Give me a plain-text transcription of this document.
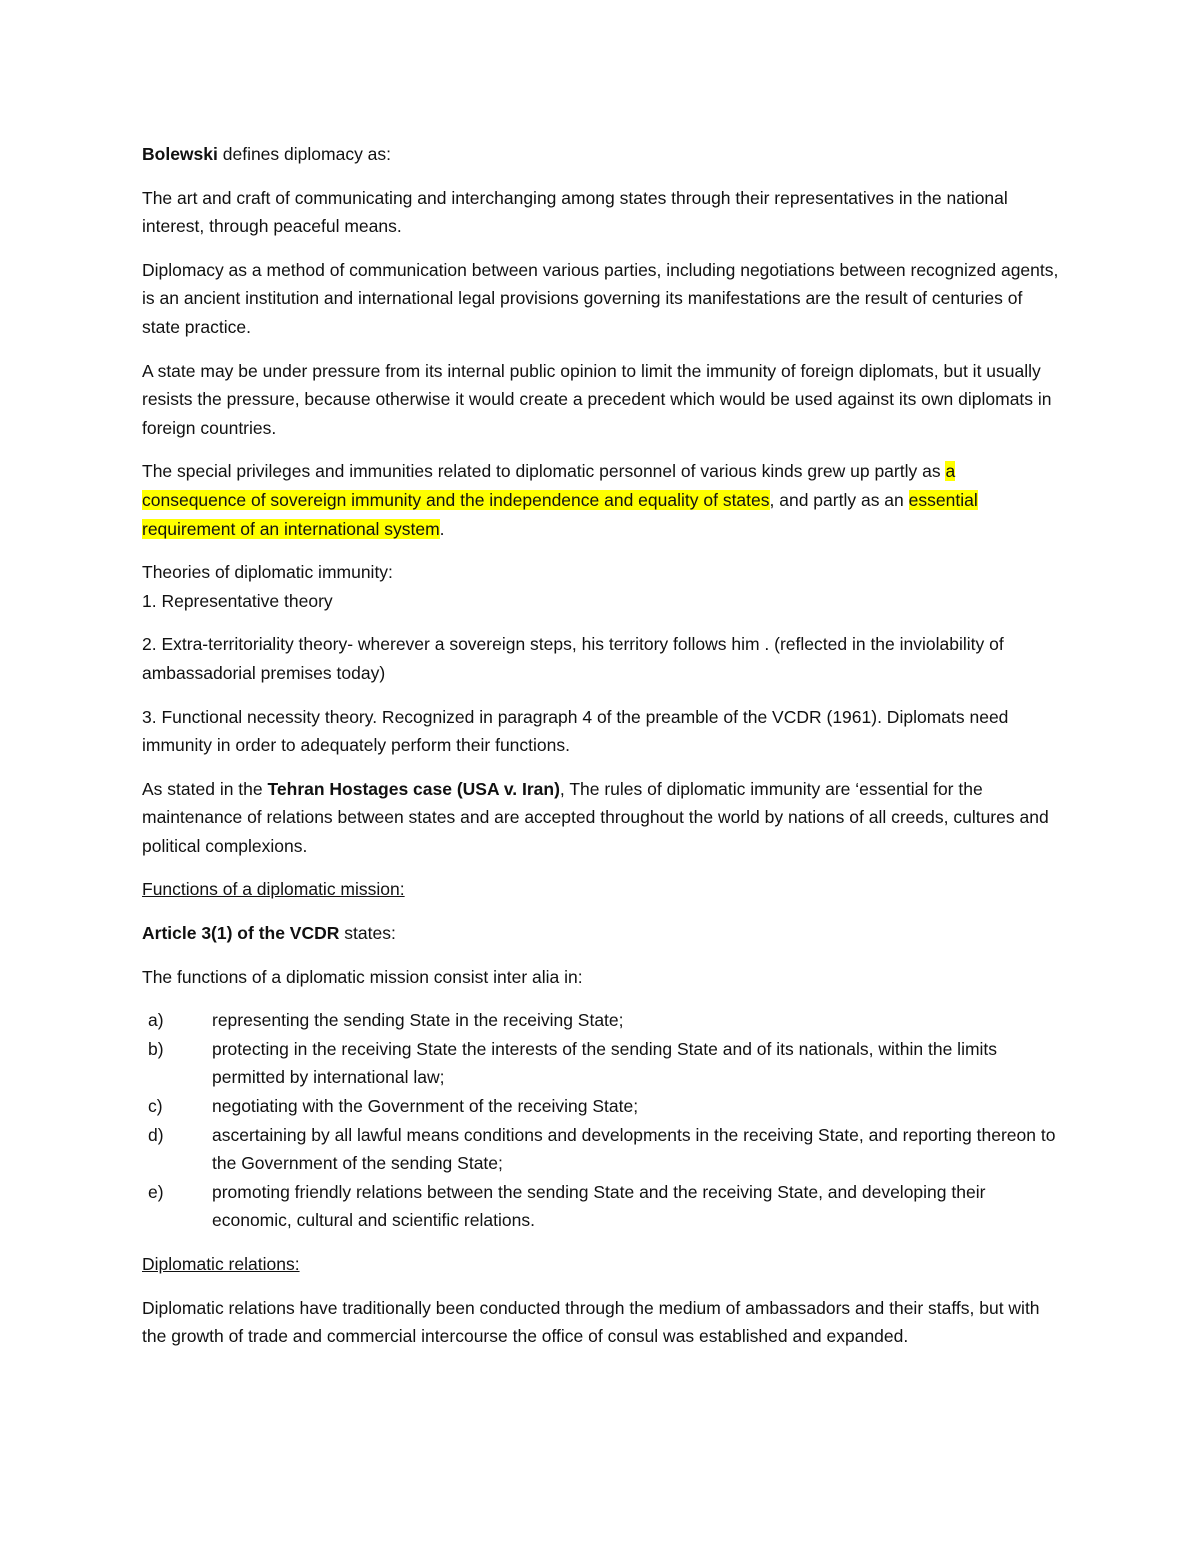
Bolewski defines diplomacy as:

The art and craft of communicating and interchanging among states through their representatives in the national interest, through peaceful means.

Diplomacy as a method of communication between various parties, including negotiations between recognized agents, is an ancient institution and international legal provisions governing its manifestations are the result of centuries of state practice.

A state may be under pressure from its internal public opinion to limit the immunity of foreign diplomats, but it usually resists the pressure, because otherwise it would create a precedent which would be used against its own diplomats in foreign countries.

The special privileges and immunities related to diplomatic personnel of various kinds grew up partly as a consequence of sovereign immunity and the independence and equality of states, and partly as an essential requirement of an international system.

Theories of diplomatic immunity:

1. Representative theory

2. Extra-territoriality theory- wherever a sovereign steps, his territory follows him . (reflected in the inviolability of ambassadorial premises today)

3. Functional necessity theory. Recognized in paragraph 4 of the preamble of the VCDR (1961). Diplomats need immunity in order to adequately perform their functions.

As stated in the Tehran Hostages case (USA v. Iran), The rules of diplomatic immunity are ‘essential for the maintenance of relations between states and are accepted throughout the world by nations of all creeds, cultures and political complexions.

Functions of a diplomatic mission:

Article 3(1) of the VCDR states:

The functions of a diplomatic mission consist inter alia in:

a)	representing the sending State in the receiving State;
b)	protecting in the receiving State the interests of the sending State and of its nationals, within the limits permitted by international law;
c)	negotiating with the Government of the receiving State;
d)	ascertaining by all lawful means conditions and developments in the receiving State, and reporting thereon to the Government of the sending State;
e)	promoting friendly relations between the sending State and the receiving State, and developing their economic, cultural and scientific relations.

Diplomatic relations:

Diplomatic relations have traditionally been conducted through the medium of ambassadors and their staffs, but with the growth of trade and commercial intercourse the office of consul was established and expanded.
